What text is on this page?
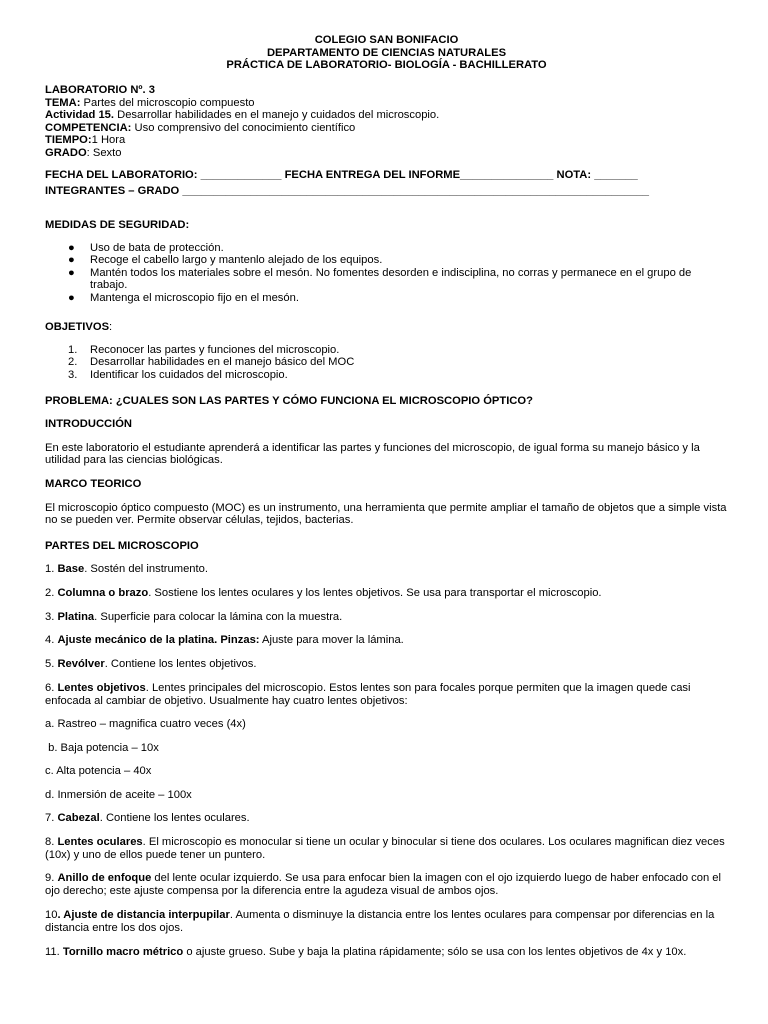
COLEGIO SAN BONIFACIO
DEPARTAMENTO DE CIENCIAS NATURALES
PRÁCTICA DE LABORATORIO- BIOLOGÍA - BACHILLERATO
LABORATORIO Nº. 3
TEMA: Partes del microscopio compuesto
Actividad 15. Desarrollar habilidades en el manejo y cuidados del microscopio.
COMPETENCIA: Uso comprensivo del conocimiento científico
TIEMPO:1 Hora
GRADO: Sexto
FECHA DEL LABORATORIO: _____________ FECHA ENTREGA DEL INFORME_______________ NOTA: _______
INTEGRANTES – GRADO ___________________________________________________________________________
MEDIDAS DE SEGURIDAD:
● Uso de bata de protección.
● Recoge el cabello largo y mantenlo alejado de los equipos.
● Mantén todos los materiales sobre el mesón. No fomentes desorden e indisciplina, no corras y permanece en el grupo de trabajo.
● Mantenga el microscopio fijo en el mesón.
OBJETIVOS:
1. Reconocer las partes y funciones del microscopio.
2. Desarrollar habilidades en el manejo básico del MOC
3. Identificar los cuidados del microscopio.
PROBLEMA: ¿CUALES SON LAS PARTES Y CÓMO FUNCIONA EL MICROSCOPIO ÓPTICO?
INTRODUCCIÓN

En este laboratorio el estudiante aprenderá a identificar las partes y funciones del microscopio, de igual forma su manejo básico y la utilidad para las ciencias biológicas.

MARCO TEORICO

El microscopio óptico compuesto (MOC) es un instrumento, una herramienta que permite ampliar el tamaño de objetos que a simple vista no se pueden ver. Permite observar células, tejidos, bacterias.

PARTES DEL MICROSCOPIO

1. Base. Sostén del instrumento.

2. Columna o brazo. Sostiene los lentes oculares y los lentes objetivos. Se usa para transportar el microscopio.

3. Platina. Superficie para colocar la lámina con la muestra.

4. Ajuste mecánico de la platina. Pinzas: Ajuste para mover la lámina.

5. Revólver. Contiene los lentes objetivos.

6. Lentes objetivos. Lentes principales del microscopio. Estos lentes son para focales porque permiten que la imagen quede casi enfocada al cambiar de objetivo. Usualmente hay cuatro lentes objetivos:

a. Rastreo – magnifica cuatro veces (4x)

b. Baja potencia – 10x

c. Alta potencia – 40x

d. Inmersión de aceite – 100x

7. Cabezal. Contiene los lentes oculares.

8. Lentes oculares. El microscopio es monocular si tiene un ocular y binocular si tiene dos oculares. Los oculares magnifican diez veces (10x) y uno de ellos puede tener un puntero.

9. Anillo de enfoque del lente ocular izquierdo. Se usa para enfocar bien la imagen con el ojo izquierdo luego de haber enfocado con el ojo derecho; este ajuste compensa por la diferencia entre la agudeza visual de ambos ojos.

10. Ajuste de distancia interpupilar. Aumenta o disminuye la distancia entre los lentes oculares para compensar por diferencias en la distancia entre los dos ojos.

11. Tornillo macro métrico o ajuste grueso. Sube y baja la platina rápidamente; sólo se usa con los lentes objetivos de 4x y 10x.
